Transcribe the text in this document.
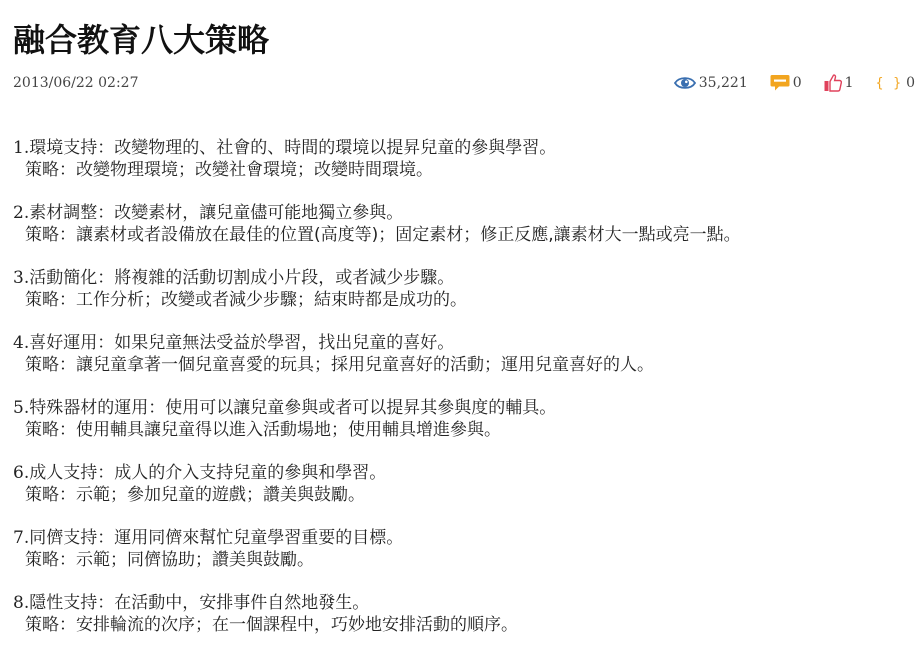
融合教育八大策略
2013/06/22 02:27	35,221	0	1 { } 0

1.環境支持：改變物理的、社會的、時間的環境以提昇兒童的參與學習。

策略：改變物理環境；改變社會環境；改變時間環境。

2.素材調整：改變素材，讓兒童儘可能地獨立參與。

策略：讓素材或者設備放在最佳的位置(高度等)；固定素材；修正反應,讓素材大一點或亮一點。

3.活動簡化：將複雜的活動切割成小片段，或者減少步驟。

策略：工作分析；改變或者減少步驟；結束時都是成功的。

4.喜好運用：如果兒童無法受益於學習，找出兒童的喜好。

策略：讓兒童拿著一個兒童喜愛的玩具；採用兒童喜好的活動；運用兒童喜好的人。

5.特殊器材的運用：使用可以讓兒童參與或者可以提昇其參與度的輔具。

策略：使用輔具讓兒童得以進入活動場地；使用輔具增進參與。

6.成人支持：成人的介入支持兒童的參與和學習。

策略：示範；參加兒童的遊戲；讚美與鼓勵。

7.同儕支持：運用同儕來幫忙兒童學習重要的目標。

策略：示範；同儕協助；讚美與鼓勵。

8.隱性支持：在活動中，安排事件自然地發生。

策略：安排輪流的次序；在一個課程中，巧妙地安排活動的順序。
